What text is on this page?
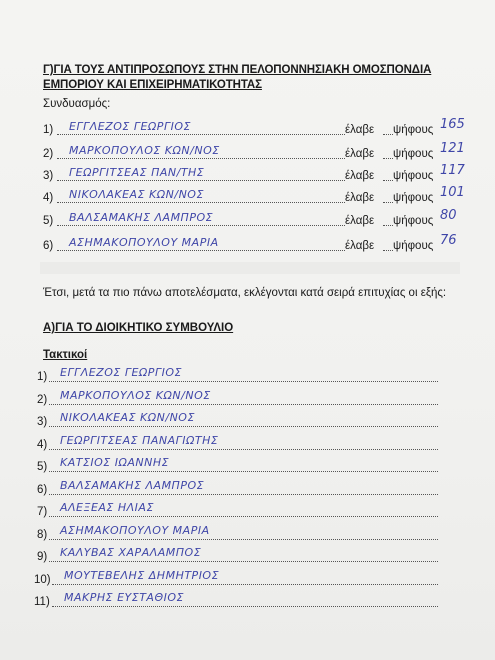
Γ)ΓΙΑ ΤΟΥΣ ΑΝΤΙΠΡΟΣΩΠΟΥΣ ΣΤΗΝ ΠΕΛΟΠΟΝΝΗΣΙΑΚΗ ΟΜΟΣΠΟΝΔΙΑ ΕΜΠΟΡΙΟΥ ΚΑΙ ΕΠΙΧΕΙΡΗΜΑΤΙΚΟΤΗΤΑΣ
Συνδυασμός:
1) ΕΓΓΛΕΖΟΣ ΓΕΩΡΓΙΟΣ	έλαβε ψήφους 165
2) ΜΑΡΚΟΠΟΥΛΟΣ ΚΩΝ/ΝΟΣ	έλαβε ψήφους 121
3) ΓΕΩΡΓΙΤΣΕΑΣ ΠΑΝ/ΤΗΣ	έλαβε ψήφους 117
4) ΝΙΚΟΛΑΚΕΑΣ ΚΩΝ/ΝΟΣ	έλαβε ψήφους 101
5) ΒΑΛΣΑΜΑΚΗΣ ΛΑΜΠΡΟΣ	έλαβε ψήφους 80
6) ΑΣΗΜΑΚΟΠΟΥΛΟΥ ΜΑΡΙΑ	έλαβε ψήφους 76
Έτσι, μετά τα πιο πάνω αποτελέσματα, εκλέγονται κατά σειρά επιτυχίας οι εξής:
Α)ΓΙΑ ΤΟ ΔΙΟΙΚΗΤΙΚΟ ΣΥΜΒΟΥΛΙΟ
Τακτικοί
1) ΕΓΓΛΕΖΟΣ ΓΕΩΡΓΙΟΣ
2) ΜΑΡΚΟΠΟΥΛΟΣ ΚΩΝ/ΝΟΣ
3) ΝΙΚΟΛΑΚΕΑΣ ΚΩΝ/ΝΟΣ
4) ΓΕΩΡΓΙΤΣΕΑΣ ΠΑΝΑΓΙΩΤΗΣ
5) ΚΑΤΣΙΟΣ ΙΩΑΝΝΗΣ
6) ΒΑΛΣΑΜΑΚΗΣ ΛΑΜΠΡΟΣ
7) ΑΛΕΞΕΑΣ ΗΛΙΑΣ
8) ΑΣΗΜΑΚΟΠΟΥΛΟΥ ΜΑΡΙΑ
9) ΚΑΛΥΒΑΣ ΧΑΡΑΛΑΜΠΟΣ
10) ΜΟΥΤΕΒΕΛΗΣ ΔΗΜΗΤΡΙΟΣ
11) ΜΑΚΡΗΣ ΕΥΣΤΑΘΙΟΣ
